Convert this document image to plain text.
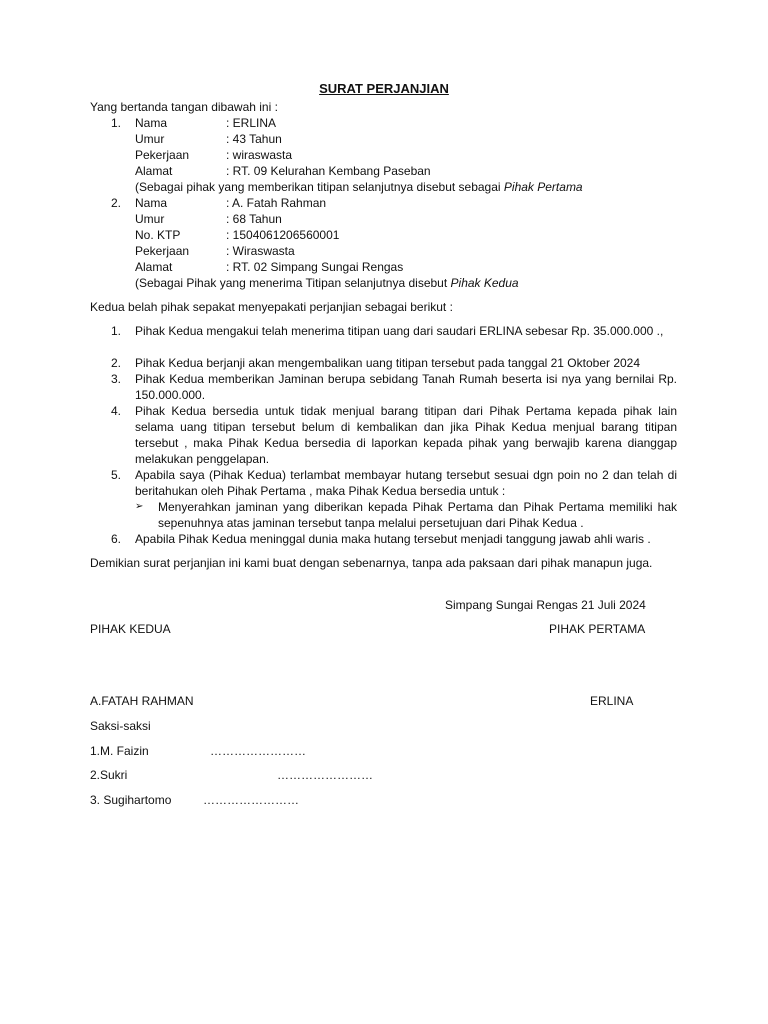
SURAT PERJANJIAN
Yang bertanda tangan dibawah ini :
1. Nama	: ERLINA
Umur	: 43 Tahun
Pekerjaan	: wiraswasta
Alamat	: RT. 09 Kelurahan Kembang Paseban
(Sebagai pihak yang memberikan titipan selanjutnya disebut sebagai Pihak Pertama
2. Nama	: A. Fatah Rahman
Umur	: 68 Tahun
No. KTP	: 1504061206560001
Pekerjaan	: Wiraswasta
Alamat	: RT. 02 Simpang Sungai Rengas
(Sebagai Pihak yang menerima Titipan selanjutnya disebut Pihak Kedua
Kedua belah pihak sepakat menyepakati perjanjian sebagai berikut :
1. Pihak Kedua mengakui telah menerima titipan uang dari saudari ERLINA sebesar Rp. 35.000.000 .,
2. Pihak Kedua berjanji akan mengembalikan uang titipan tersebut pada tanggal 21 Oktober 2024
3. Pihak Kedua memberikan Jaminan berupa sebidang Tanah Rumah beserta isi nya yang bernilai Rp. 150.000.000.
4. Pihak Kedua bersedia untuk tidak menjual barang titipan dari Pihak Pertama kepada pihak lain selama uang titipan tersebut belum di kembalikan dan jika Pihak Kedua menjual barang titipan tersebut , maka Pihak Kedua bersedia di laporkan kepada pihak yang berwajib karena dianggap melakukan penggelapan.
5. Apabila saya (Pihak Kedua) terlambat membayar hutang tersebut sesuai dgn poin no 2 dan telah di beritahukan oleh Pihak Pertama , maka Pihak Kedua bersedia untuk :
➢ Menyerahkan jaminan yang diberikan kepada Pihak Pertama dan Pihak Pertama memiliki hak sepenuhnya atas jaminan tersebut tanpa melalui persetujuan dari Pihak Kedua .
6. Apabila Pihak Kedua meninggal dunia maka hutang tersebut menjadi tanggung jawab ahli waris .
Demikian surat perjanjian ini kami buat dengan sebenarnya, tanpa ada paksaan dari pihak manapun juga.
Simpang Sungai Rengas 21 Juli 2024
PIHAK KEDUA	PIHAK PERTAMA
A.FATAH RAHMAN	ERLINA
Saksi-saksi
1.M. Faizin	……………………
2.Sukri	……………………
3. Sugihartomo	……………………
